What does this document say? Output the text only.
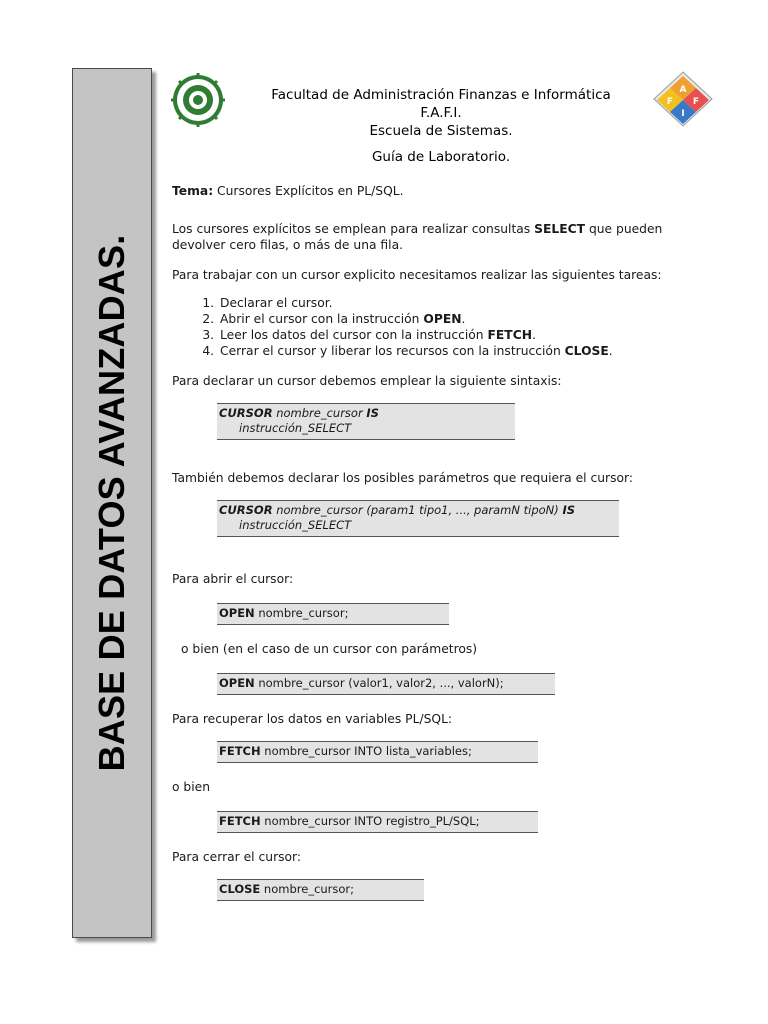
BASE DE DATOS AVANZADAS.
A
F F
I
Facultad de Administración Finanzas e Informática
F.A.F.I.
Escuela de Sistemas.
Guía de Laboratorio.

Tema: Cursores Explícitos en PL/SQL.

Los cursores explícitos se emplean para realizar consultas SELECT que pueden devolver cero filas, o más de una fila.

Para trabajar con un cursor explicito necesitamos realizar las siguientes tareas:

1. Declarar el cursor.
2. Abrir el cursor con la instrucción OPEN.
3. Leer los datos del cursor con la instrucción FETCH.
4. Cerrar el cursor y liberar los recursos con la instrucción CLOSE.

Para declarar un cursor debemos emplear la siguiente sintaxis:

CURSOR nombre_cursor IS
instrucción_SELECT

También debemos declarar los posibles parámetros que requiera el cursor:

CURSOR nombre_cursor (param1 tipo1, ..., paramN tipoN) IS
instrucción_SELECT

Para abrir el cursor:

OPEN nombre_cursor;

o bien (en el caso de un cursor con parámetros)

OPEN nombre_cursor (valor1, valor2, ..., valorN);

Para recuperar los datos en variables PL/SQL:

FETCH nombre_cursor INTO lista_variables;

o bien

FETCH nombre_cursor INTO registro_PL/SQL;

Para cerrar el cursor:

CLOSE nombre_cursor;
